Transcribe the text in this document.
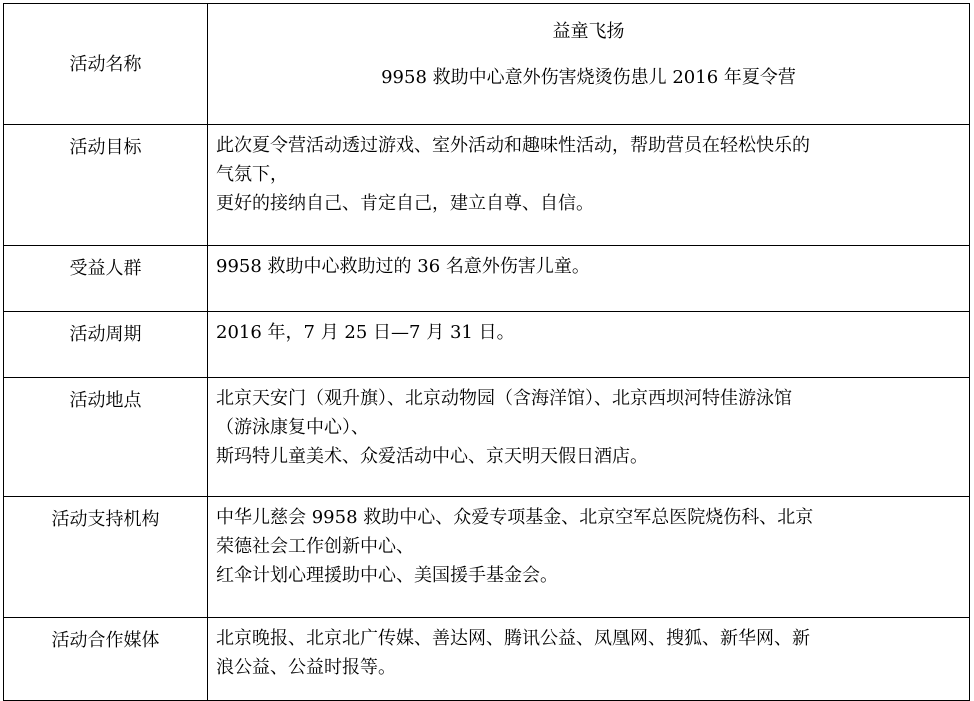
活动名称	益童飞扬
9958 救助中心意外伤害烧烫伤患儿 2016 年夏令营

活动目标	此次夏令营活动透过游戏、室外活动和趣味性活动，帮助营员在轻松快乐的
气氛下，
更好的接纳自己、肯定自己，建立自尊、自信。

受益人群	9958 救助中心救助过的 36 名意外伤害儿童。

活动周期	2016 年，7 月 25 日—7 月 31 日。

活动地点	北京天安门（观升旗）、北京动物园（含海洋馆）、北京西坝河特佳游泳馆
（游泳康复中心）、
斯玛特儿童美术、众爱活动中心、京天明天假日酒店。

活动支持机构	中华儿慈会 9958 救助中心、众爱专项基金、北京空军总医院烧伤科、北京
荣德社会工作创新中心、
红伞计划心理援助中心、美国援手基金会。

活动合作媒体	北京晚报、北京北广传媒、善达网、腾讯公益、凤凰网、搜狐、新华网、新
浪公益、公益时报等。
